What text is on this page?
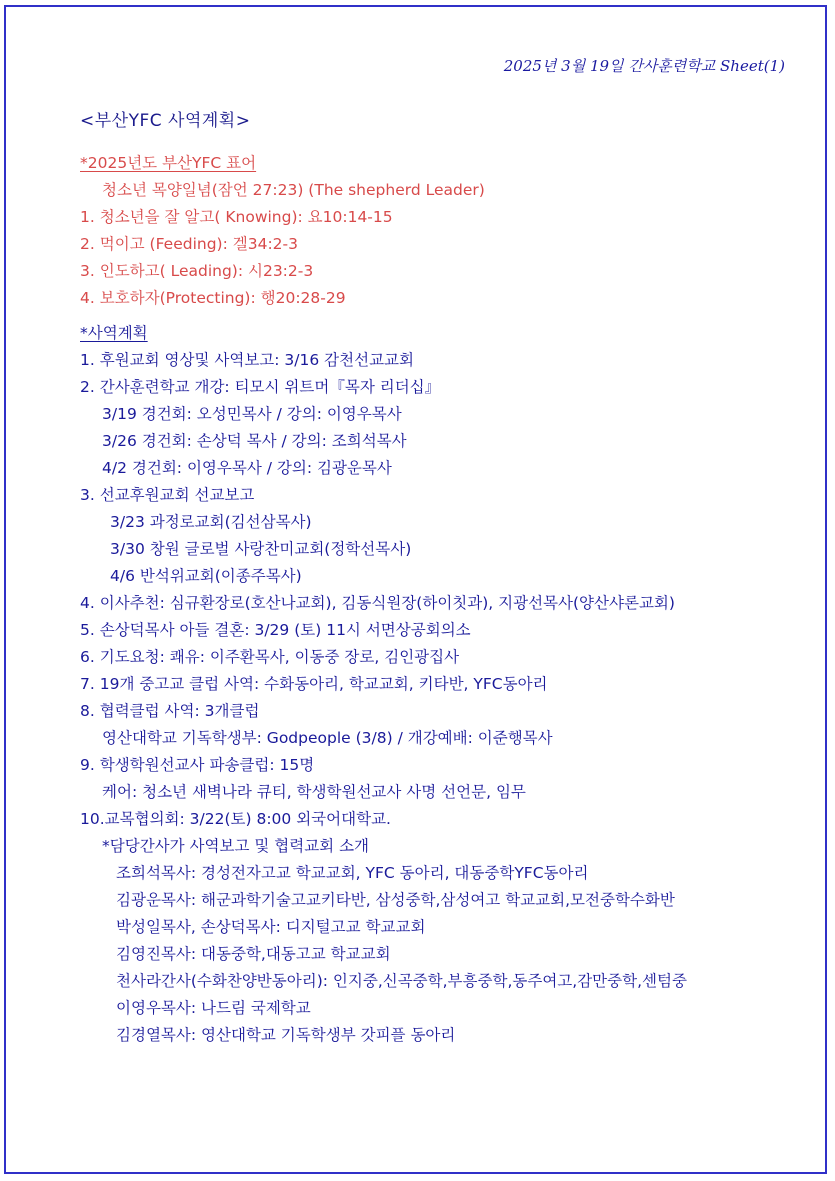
2025년 3월 19일 간사훈련학교 Sheet(1)
<부산YFC 사역계획>
*2025년도 부산YFC 표어
청소년 목양일념(잠언 27:23) (The shepherd Leader)
1. 청소년을 잘 알고( Knowing): 요10:14-15
2. 먹이고 (Feeding): 겔34:2-3
3. 인도하고( Leading): 시23:2-3
4. 보호하자(Protecting): 행20:28-29
*사역계획
1. 후원교회 영상및 사역보고: 3/16 감천선교교회
2. 간사훈련학교 개강: 티모시 위트머『목자 리더십』
3/19 경건회: 오성민목사 / 강의: 이영우목사
3/26 경건회: 손상덕 목사 / 강의: 조희석목사
4/2 경건회: 이영우목사 / 강의: 김광운목사
3. 선교후원교회 선교보고
3/23 과정로교회(김선삼목사)
3/30 창원 글로벌 사랑찬미교회(정학선목사)
4/6 반석위교회(이종주목사)
4. 이사추천: 심규환장로(호산나교회), 김동식원장(하이칫과), 지광선목사(양산샤론교회)
5. 손상덕목사 아들 결혼: 3/29 (토) 11시 서면상공회의소
6. 기도요청: 쾌유: 이주환목사, 이동중 장로, 김인광집사
7. 19개 중고교 클럽 사역: 수화동아리, 학교교회, 키타반, YFC동아리
8. 협력클럽 사역: 3개클럽
영산대학교 기독학생부: Godpeople (3/8) / 개강예배: 이준행목사
9. 학생학원선교사 파송클럽: 15명
케어: 청소년 새벽나라 큐티, 학생학원선교사 사명 선언문, 임무
10.교목협의회: 3/22(토) 8:00 외국어대학교.
*담당간사가 사역보고 및 협력교회 소개
조희석목사: 경성전자고교 학교교회, YFC 동아리, 대동중학YFC동아리
김광운목사: 해군과학기술고교키타반, 삼성중학,삼성여고 학교교회,모전중학수화반
박성일목사, 손상덕목사: 디지털고교 학교교회
김영진목사: 대동중학,대동고교 학교교회
천사라간사(수화찬양반동아리): 인지중,신곡중학,부흥중학,동주여고,감만중학,센텀중
이영우목사: 나드림 국제학교
김경열목사: 영산대학교 기독학생부 갓피플 동아리
